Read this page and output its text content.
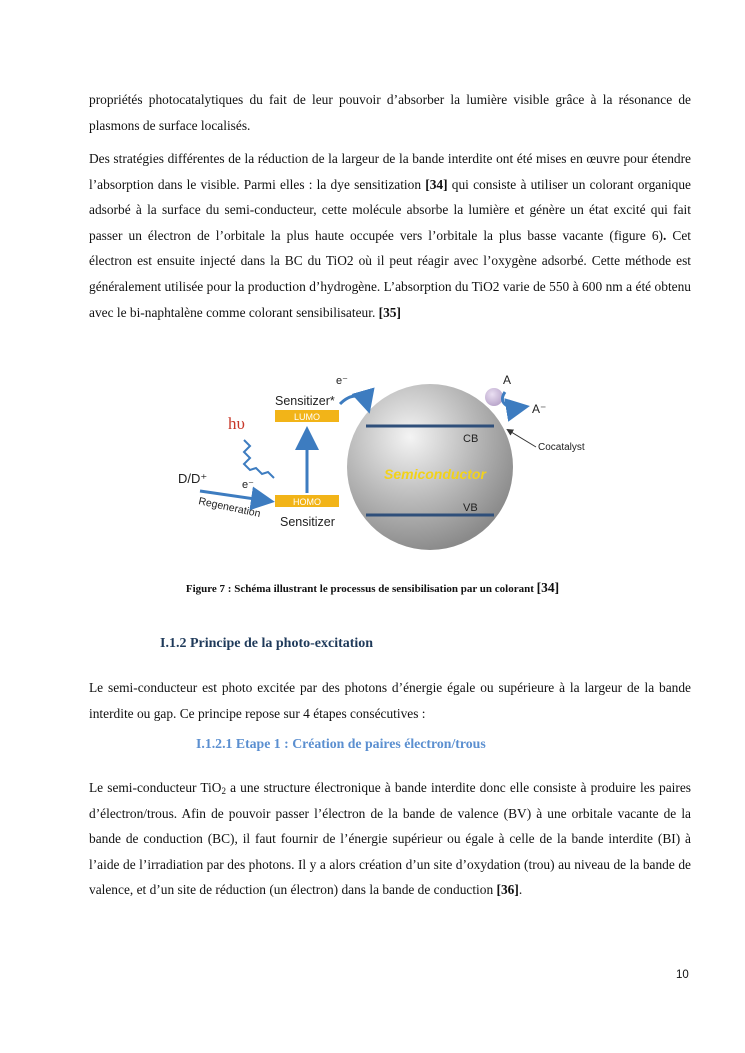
propriétés photocatalytiques du fait de leur pouvoir d’absorber la lumière visible grâce à la résonance de plasmons de surface localisés.

Des stratégies différentes de la réduction de la largeur de la bande interdite ont été mises en œuvre pour étendre l’absorption dans le visible. Parmi elles : la dye sensitization [34] qui consiste à utiliser un colorant organique adsorbé à la surface du semi-conducteur, cette molécule absorbe la lumière et génère un état excité qui fait passer un électron de l’orbitale la plus haute occupée vers l’orbitale la plus basse vacante (figure 6). Cet électron est ensuite injecté dans la BC du TiO2 où il peut réagir avec l’oxygène adsorbé. Cette méthode est généralement utilisée pour la production d’hydrogène. L’absorption du TiO2 varie de 550 à 600 nm a été obtenu avec le bi-naphtalène comme colorant sensibilisateur. [35]

CB
VB
Semiconductor
Cocatalyst
A
A⁻
Sensitizer*
LUMO
HOMO
Sensitizer
e⁻
hυ
D/D⁺	e⁻
Regeneration
Figure 7 : Schéma illustrant le processus de sensibilisation par un colorant [34]
I.1.2 Principe de la photo-excitation

Le semi-conducteur est photo excitée par des photons d’énergie égale ou supérieure à la largeur de la bande interdite ou gap. Ce principe repose sur 4 étapes consécutives :

I.1.2.1 Etape 1 : Création de paires électron/trous

Le semi-conducteur TiO$_2$ a une structure électronique à bande interdite donc elle consiste à produire les paires d’électron/trous. Afin de pouvoir passer l’électron de la bande de valence (BV) à une orbitale vacante de la bande de conduction (BC), il faut fournir de l’énergie supérieur ou égale à celle de la bande interdite (BI) à l’aide de l’irradiation par des photons. Il y a alors création d’un site d’oxydation (trou) au niveau de la bande de valence, et d’un site de réduction (un électron) dans la bande de conduction [36].

10
